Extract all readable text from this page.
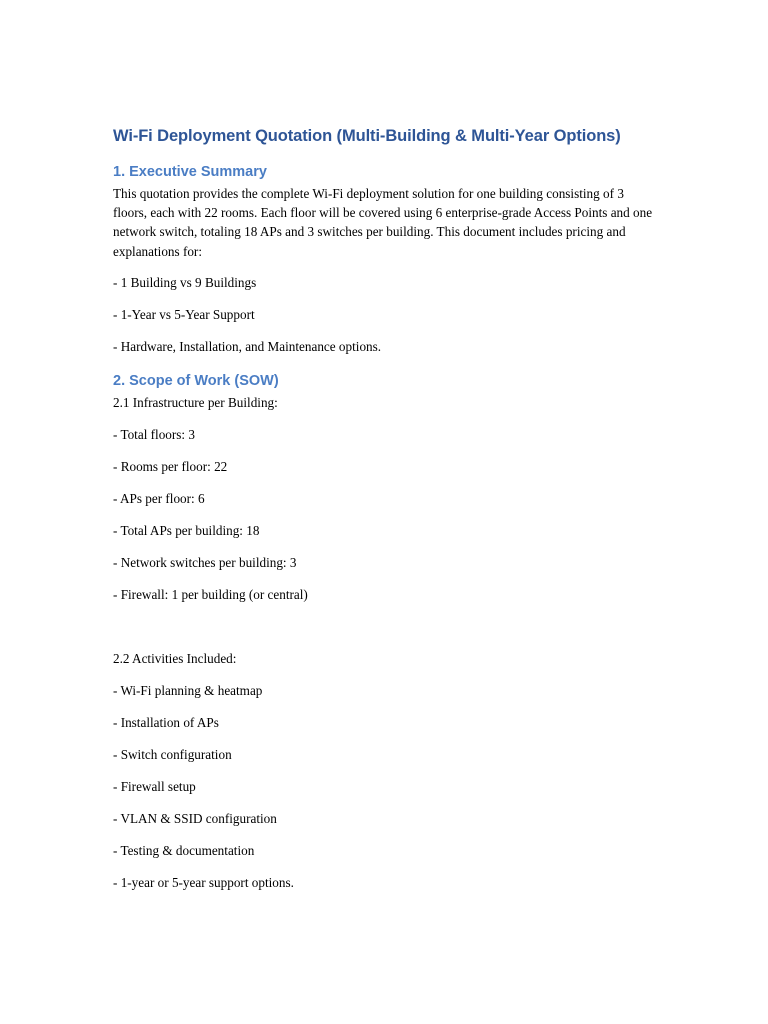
Wi-Fi Deployment Quotation (Multi-Building & Multi-Year Options)
1. Executive Summary

This quotation provides the complete Wi-Fi deployment solution for one building consisting of 3 floors, each with 22 rooms. Each floor will be covered using 6 enterprise-grade Access Points and one network switch, totaling 18 APs and 3 switches per building. This document includes pricing and explanations for:

- 1 Building vs 9 Buildings

- 1-Year vs 5-Year Support

- Hardware, Installation, and Maintenance options.

2. Scope of Work (SOW)

2.1 Infrastructure per Building:

- Total floors: 3

- Rooms per floor: 22

- APs per floor: 6

- Total APs per building: 18

- Network switches per building: 3

- Firewall: 1 per building (or central)

2.2 Activities Included:

- Wi-Fi planning & heatmap

- Installation of APs

- Switch configuration

- Firewall setup

- VLAN & SSID configuration

- Testing & documentation

- 1-year or 5-year support options.
